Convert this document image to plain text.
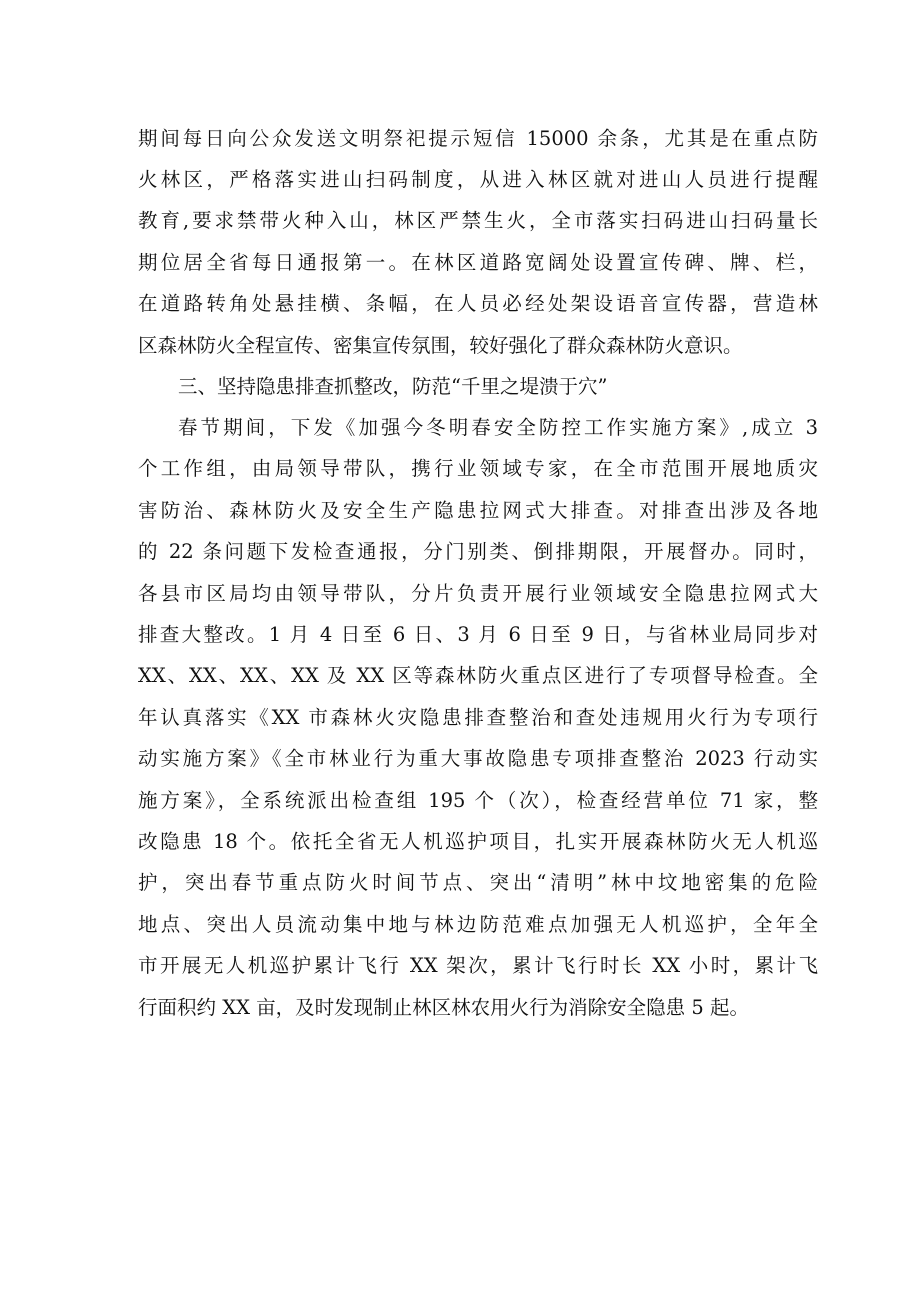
期间每日向公众发送文明祭祀提示短信 15000 余条，尤其是在重点防
火林区，严格落实进山扫码制度，从进入林区就对进山人员进行提醒
教育,要求禁带火种入山，林区严禁生火，全市落实扫码进山扫码量长
期位居全省每日通报第一。在林区道路宽阔处设置宣传碑、牌、栏，
在道路转角处悬挂横、条幅，在人员必经处架设语音宣传器，营造林
区森林防火全程宣传、密集宣传氛围，较好强化了群众森林防火意识。
三、坚持隐患排查抓整改，防范“千里之堤溃于穴”
春节期间，下发《加强今冬明春安全防控工作实施方案》,成立 3
个工作组，由局领导带队，携行业领域专家，在全市范围开展地质灾
害防治、森林防火及安全生产隐患拉网式大排查。对排查出涉及各地
的 22 条问题下发检查通报，分门别类、倒排期限，开展督办。同时，
各县市区局均由领导带队，分片负责开展行业领域安全隐患拉网式大
排查大整改。1 月 4 日至 6 日、3 月 6 日至 9 日，与省林业局同步对
XX、XX、XX、XX 及 XX 区等森林防火重点区进行了专项督导检查。全
年认真落实《XX 市森林火灾隐患排查整治和查处违规用火行为专项行
动实施方案》《全市林业行为重大事故隐患专项排查整治 2023 行动实
施方案》，全系统派出检查组 195 个（次），检查经营单位 71 家，整
改隐患 18 个。依托全省无人机巡护项目，扎实开展森林防火无人机巡
护，突出春节重点防火时间节点、突出“清明”林中坟地密集的危险
地点、突出人员流动集中地与林边防范难点加强无人机巡护，全年全
市开展无人机巡护累计飞行 XX 架次，累计飞行时长 XX 小时，累计飞
行面积约 XX 亩，及时发现制止林区林农用火行为消除安全隐患 5 起。
